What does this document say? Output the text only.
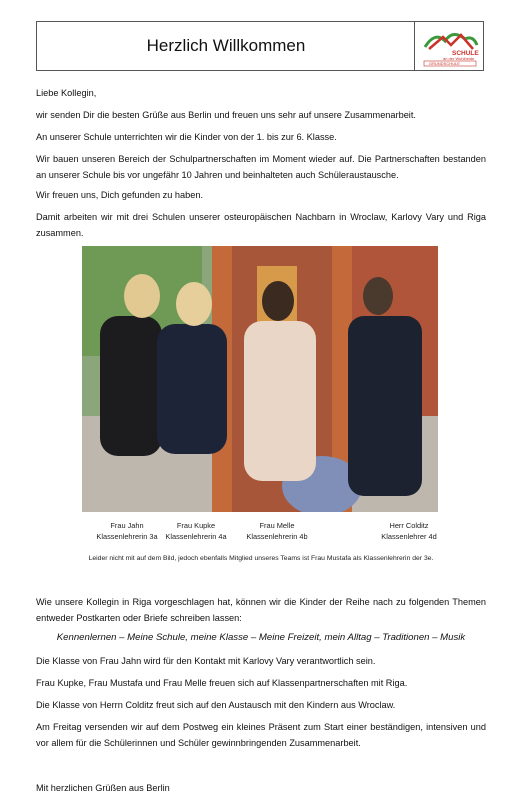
Herzlich Willkommen	SCHULE
an der Wuhlheide
GRUNDSCHULE

Liebe Kollegin,

wir senden Dir die besten Grüße aus Berlin und freuen uns sehr auf unsere Zusammenarbeit.

An unserer Schule unterrichten wir die Kinder von der 1. bis zur 6. Klasse.

Wir bauen unseren Bereich der Schulpartnerschaften im Moment wieder auf. Die Partnerschaften bestanden an unserer Schule bis vor ungefähr 10 Jahren und beinhalteten auch Schüleraustausche.

Wir freuen uns, Dich gefunden zu haben.

Damit arbeiten wir mit drei Schulen unserer osteuropäischen Nachbarn in Wroclaw, Karlovy Vary und Riga zusammen.

Frau Jahn
Klassenlehrerin 3a
Frau Kupke
Klassenlehrerin 4a
Frau Melle
Klassenlehrerin 4b
Herr Colditz
Klassenlehrer 4d
Leider nicht mit auf dem Bild, jedoch ebenfalls Mitglied unseres Teams ist Frau Mustafa als Klassenlehrerin der 3e.

Wie unsere Kollegin in Riga vorgeschlagen hat, können wir die Kinder der Reihe nach zu folgenden Themen entweder Postkarten oder Briefe schreiben lassen:

Kennenlernen – Meine Schule, meine Klasse – Meine Freizeit, mein Alltag – Traditionen – Musik

Die Klasse von Frau Jahn wird für den Kontakt mit Karlovy Vary verantwortlich sein.

Frau Kupke, Frau Mustafa und Frau Melle freuen sich auf Klassenpartnerschaften mit Riga.

Die Klasse von Herrn Colditz freut sich auf den Austausch mit den Kindern aus Wroclaw.

Am Freitag versenden wir auf dem Postweg ein kleines Präsent zum Start einer beständigen, intensiven und vor allem für die Schülerinnen und Schüler gewinnbringenden Zusammenarbeit.

Mit herzlichen Grüßen aus Berlin
